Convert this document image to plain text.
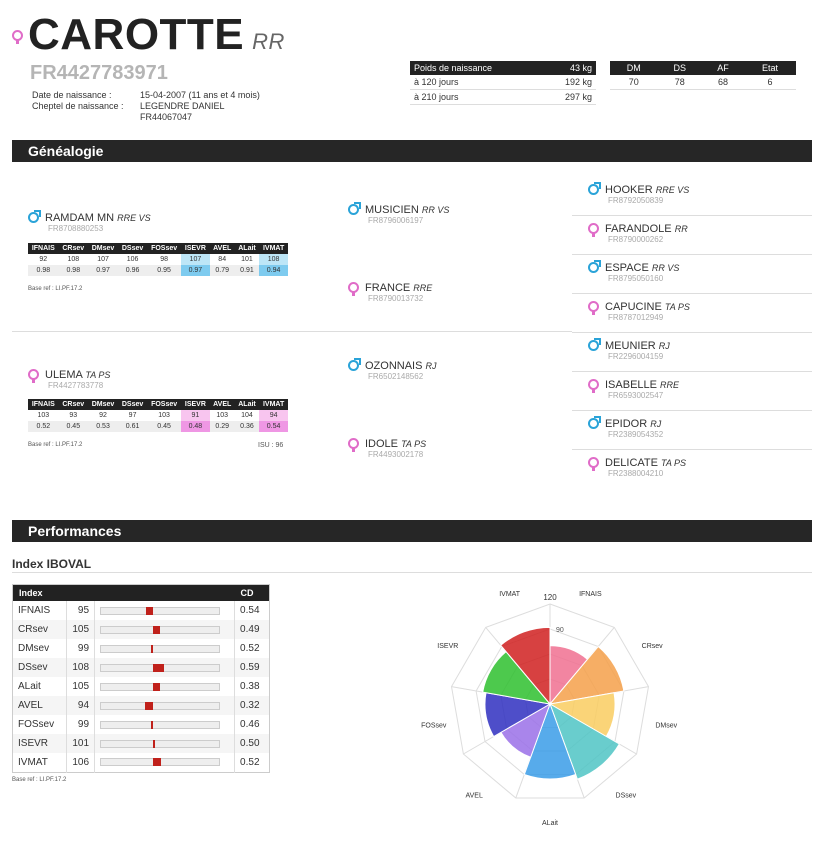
CAROTTE RR
FR4427783971
Date de naissance :	15-04-2007 (11 ans et 4 mois)
Cheptel de naissance : LEGENDRE DANIEL
FR44067047
Poids de naissance	43 kg
à 120 jours	192 kg
à 210 jours	297 kg
DM	DS	AF	Etat
70	78	68	6
Généalogie
RAMDAM MN RRE VS
FR8708880253
IFNAIS	CRsev	DMsev	DSsev	FOSsev	ISEVR	AVEL	ALait	IVMAT
92	108	107	106	98	107	84	101	108
0.98	0.98	0.97	0.96	0.95	0.97	0.79	0.91	0.94
Base ref : LI.PF.17.2
ULEMA TA PS
FR4427783778
IFNAIS	CRsev	DMsev	DSsev	FOSsev	ISEVR	AVEL	ALait	IVMAT
103	93	92	97	103	91	103	104	94
0.52	0.45	0.53	0.61	0.45	0.48	0.29	0.36	0.54
Base ref : LI.PF.17.2	ISU : 96
MUSICIEN RR VS
FR8796006197
FRANCE RRE
FR8790013732
OZONNAIS RJ
FR6502148562
IDOLE TA PS
FR4493002178
HOOKER RRE VS
FR8792050839
FARANDOLE RR
FR8790000262
ESPACE RR VS
FR8795050160
CAPUCINE TA PS
FR8787012949
MEUNIER RJ
FR2296004159
ISABELLE RRE
FR6593002547
EPIDOR RJ
FR2389054352
DELICATE TA PS
FR2388004210
Performances
Index IBOVAL
Index			CD
IFNAIS	95		0.54
CRsev	105		0.49
DMsev	99		0.52
DSsev	108		0.59
ALait	105		0.38
AVEL	94		0.32
FOSsev	99		0.46
ISEVR	101		0.50
IVMAT	106		0.52
Base ref : LI.PF.17.2
IFNAIS
CRsev
DMsev
DSsev
ALait
AVEL
FOSsev
ISEVR
IVMAT	120
90
